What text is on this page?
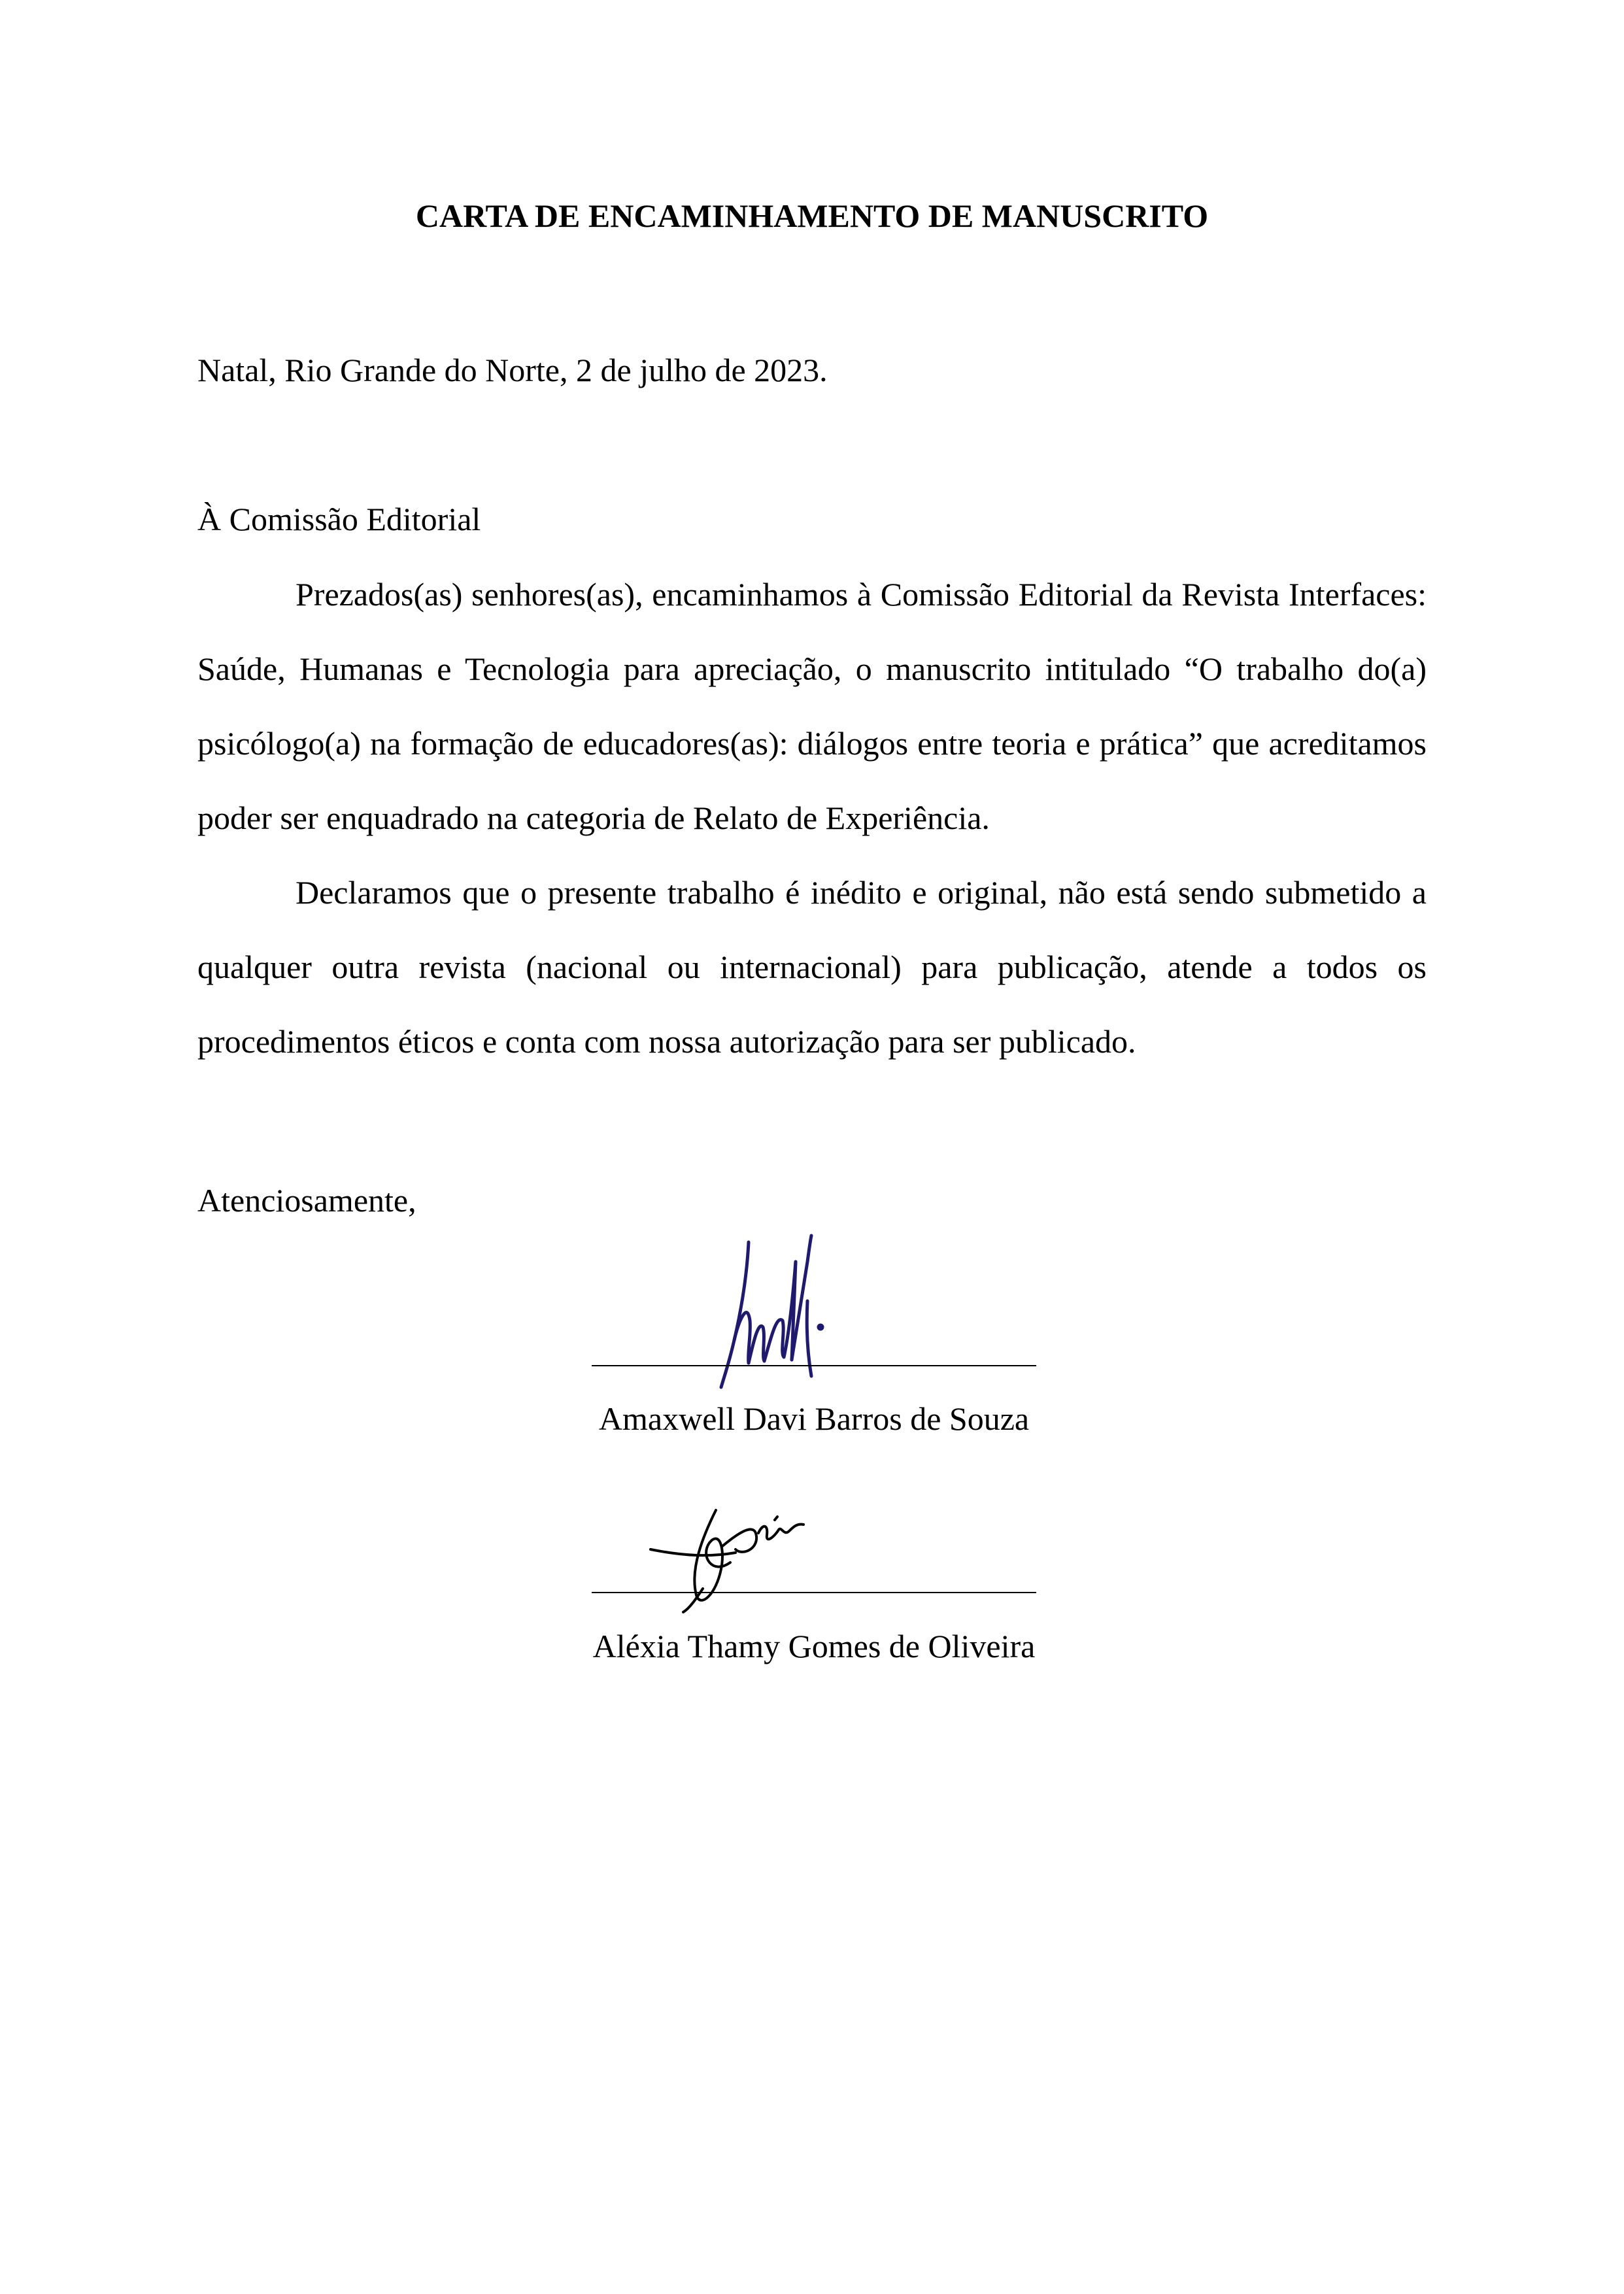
CARTA DE ENCAMINHAMENTO DE MANUSCRITO

Natal, Rio Grande do Norte, 2 de julho de 2023.

À Comissão Editorial

Prezados(as) senhores(as), encaminhamos à Comissão Editorial da Revista Interfaces: Saúde, Humanas e Tecnologia para apreciação, o manuscrito intitulado “O trabalho do(a) psicólogo(a) na formação de educadores(as): diálogos entre teoria e prática” que acreditamos poder ser enquadrado na categoria de Relato de Experiência.

Declaramos que o presente trabalho é inédito e original, não está sendo submetido a qualquer outra revista (nacional ou internacional) para publicação, atende a todos os procedimentos éticos e conta com nossa autorização para ser publicado.

Atenciosamente,

Amaxwell Davi Barros de Souza
Aléxia Thamy Gomes de Oliveira
